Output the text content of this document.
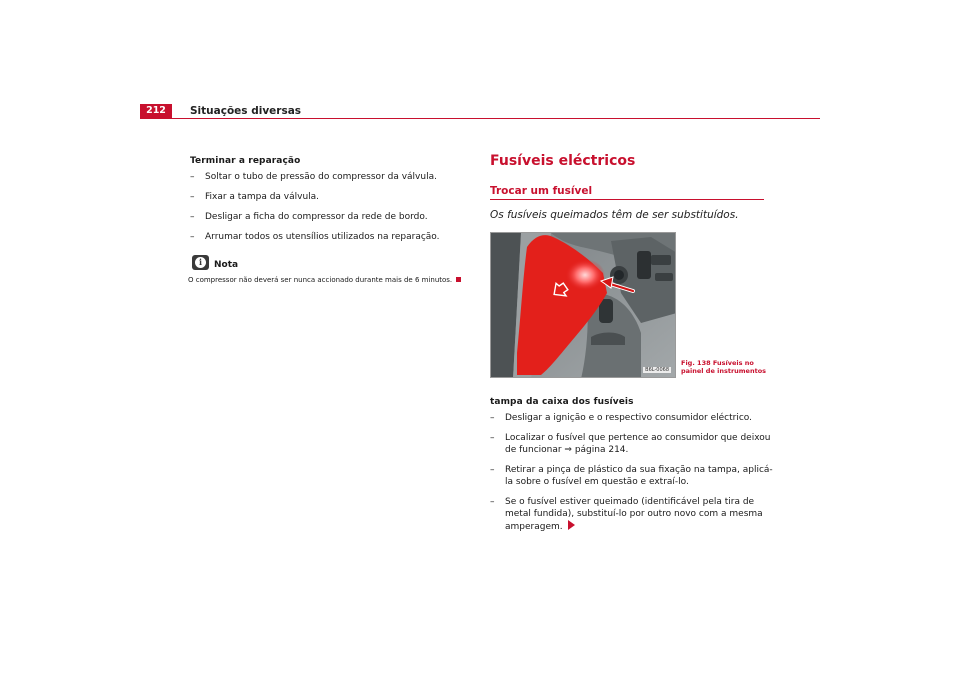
212	Situações diversas
Terminar a reparação
– Soltar o tubo de pressão do compressor da válvula.
– Fixar a tampa da válvula.
– Desligar a ficha do compressor da rede de bordo.
– Arrumar todos os utensílios utilizados na reparação.
i	Nota
O compressor não deverá ser nunca accionado durante mais de 6 minutos.
Fusíveis eléctricos
Trocar um fusível
Os fusíveis queimados têm de ser substituídos.
B6L-0068
Fig. 138 Fusíveis no painel de instrumentos
tampa da caixa dos fusíveis
– Desligar a ignição e o respectivo consumidor eléctrico.
– Localizar o fusível que pertence ao consumidor que deixou de funcionar ⇒ página 214.
– Retirar a pinça de plástico da sua fixação na tampa, aplicá-la sobre o fusível em questão e extraí-lo.
– Se o fusível estiver queimado (identificável pela tira de metal fundida), substituí-lo por outro novo com a mesma amperagem.
